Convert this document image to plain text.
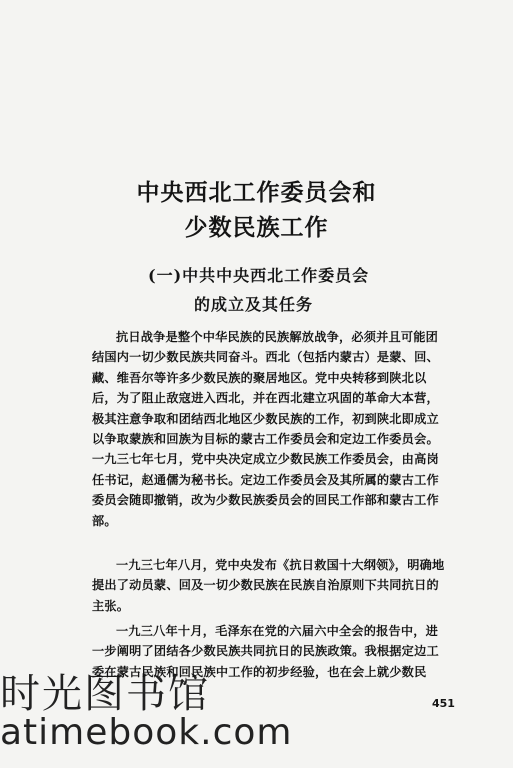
中央西北工作委员会和
少数民族工作
(一)中共中央西北工作委员会
的成立及其任务
抗日战争是整个中华民族的民族解放战争，必须并且可能团
结国内一切少数民族共同奋斗。西北（包括内蒙古）是蒙、回、
藏、维吾尔等许多少数民族的聚居地区。党中央转移到陕北以
后，为了阻止敌寇进入西北，并在西北建立巩固的革命大本营，
极其注意争取和团结西北地区少数民族的工作，初到陕北即成立
以争取蒙族和回族为目标的蒙古工作委员会和定边工作委员会。
一九三七年七月，党中央决定成立少数民族工作委员会，由高岗
任书记，赵通儒为秘书长。定边工作委员会及其所属的蒙古工作
委员会随即撤销，改为少数民族委员会的回民工作部和蒙古工作
部。
一九三七年八月，党中央发布《抗日救国十大纲领》，明确地
提出了动员蒙、回及一切少数民族在民族自治原则下共同抗日的
主张。
一九三八年十月，毛泽东在党的六届六中全会的报告中，进
一步阐明了团结各少数民族共同抗日的民族政策。我根据定边工
委在蒙古民族和回民族中工作的初步经验，也在会上就少数民
451
时光图书馆
atimebook.com
